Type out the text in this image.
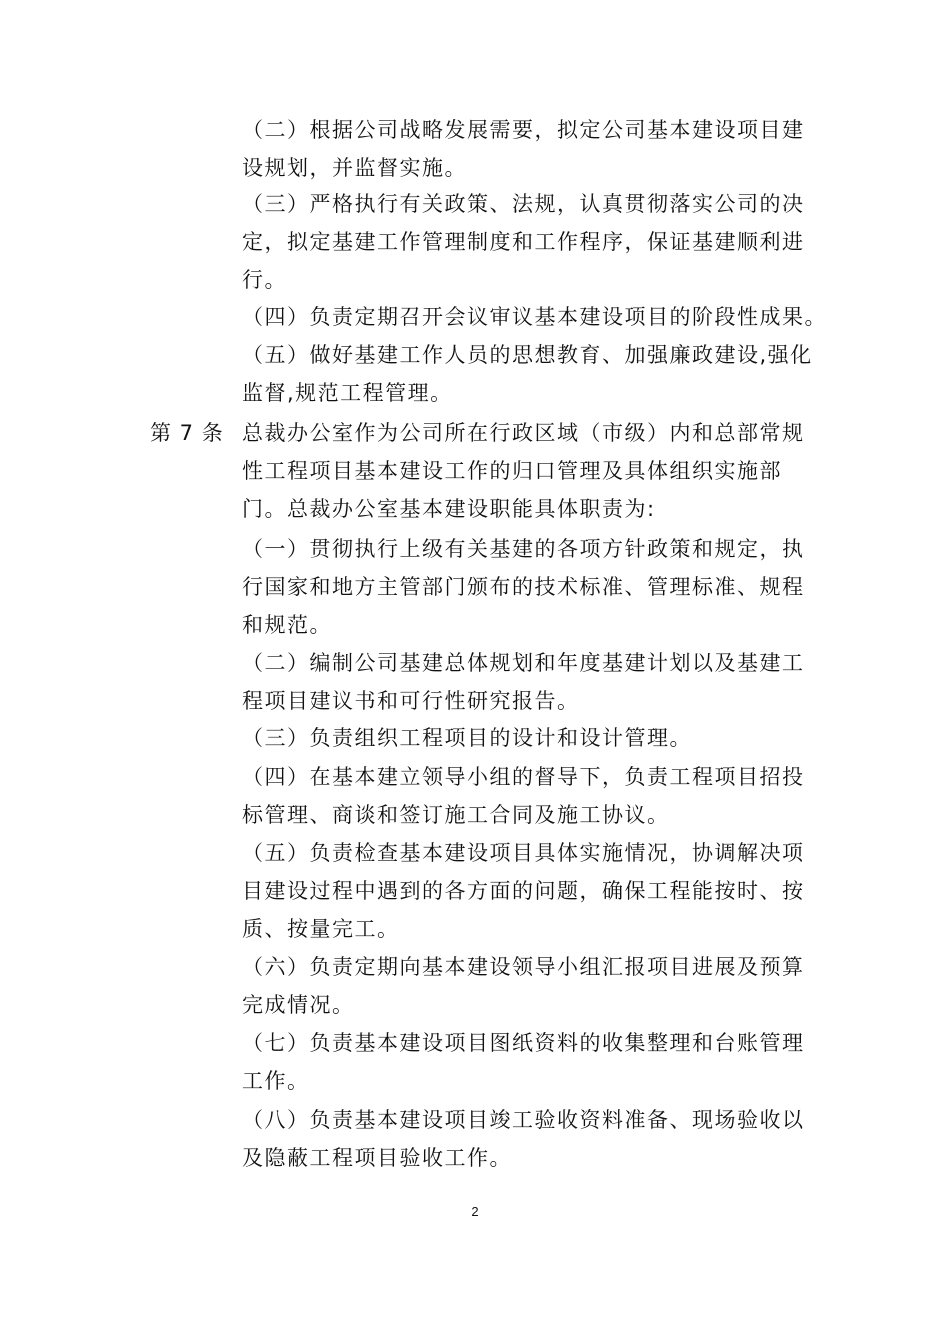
（二）根据公司战略发展需要，拟定公司基本建设项目建
设规划，并监督实施。
（三）严格执行有关政策、法规，认真贯彻落实公司的决
定，拟定基建工作管理制度和工作程序，保证基建顺利进
行。
（四）负责定期召开会议审议基本建设项目的阶段性成果。
（五）做好基建工作人员的思想教育、加强廉政建设,强化
监督,规范工程管理。
第 7 条 总裁办公室作为公司所在行政区域（市级）内和总部常规
性工程项目基本建设工作的归口管理及具体组织实施部
门。总裁办公室基本建设职能具体职责为:
（一）贯彻执行上级有关基建的各项方针政策和规定，执
行国家和地方主管部门颁布的技术标准、管理标准、规程
和规范。
（二）编制公司基建总体规划和年度基建计划以及基建工
程项目建议书和可行性研究报告。
（三）负责组织工程项目的设计和设计管理。
（四）在基本建立领导小组的督导下，负责工程项目招投
标管理、商谈和签订施工合同及施工协议。
（五）负责检查基本建设项目具体实施情况，协调解决项
目建设过程中遇到的各方面的问题，确保工程能按时、按
质、按量完工。
（六）负责定期向基本建设领导小组汇报项目进展及预算
完成情况。
（七）负责基本建设项目图纸资料的收集整理和台账管理
工作。
（八）负责基本建设项目竣工验收资料准备、现场验收以
及隐蔽工程项目验收工作。
2
